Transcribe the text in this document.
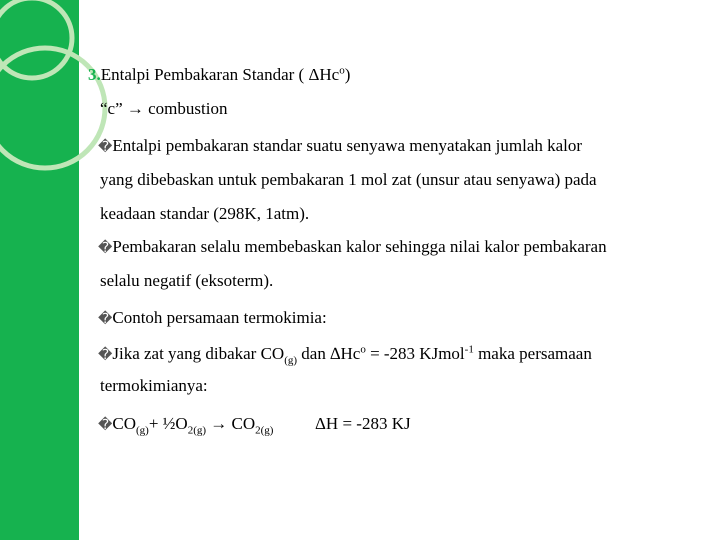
3.Entalpi Pembakaran Standar ( ΔHc$^o$)
“c” → combustion
�Entalpi pembakaran standar suatu senyawa menyatakan jumlah kalor
yang dibebaskan untuk pembakaran 1 mol zat (unsur atau senyawa) pada
keadaan standar (298K, 1atm).
�Pembakaran selalu membebaskan kalor sehingga nilai kalor pembakaran
selalu negatif (eksoterm).
�Contoh persamaan termokimia:
�Jika zat yang dibakar $CO_{(g)}$ dan $\Delta Hc^o = -283$ KJmol$^{-1}$ maka persamaan
termokimianya:
$�CO_{(g)}+$ $\frac{1}{2}O_{2(g)} \to CO_{2(g)}$ ΔH = -283 KJ
